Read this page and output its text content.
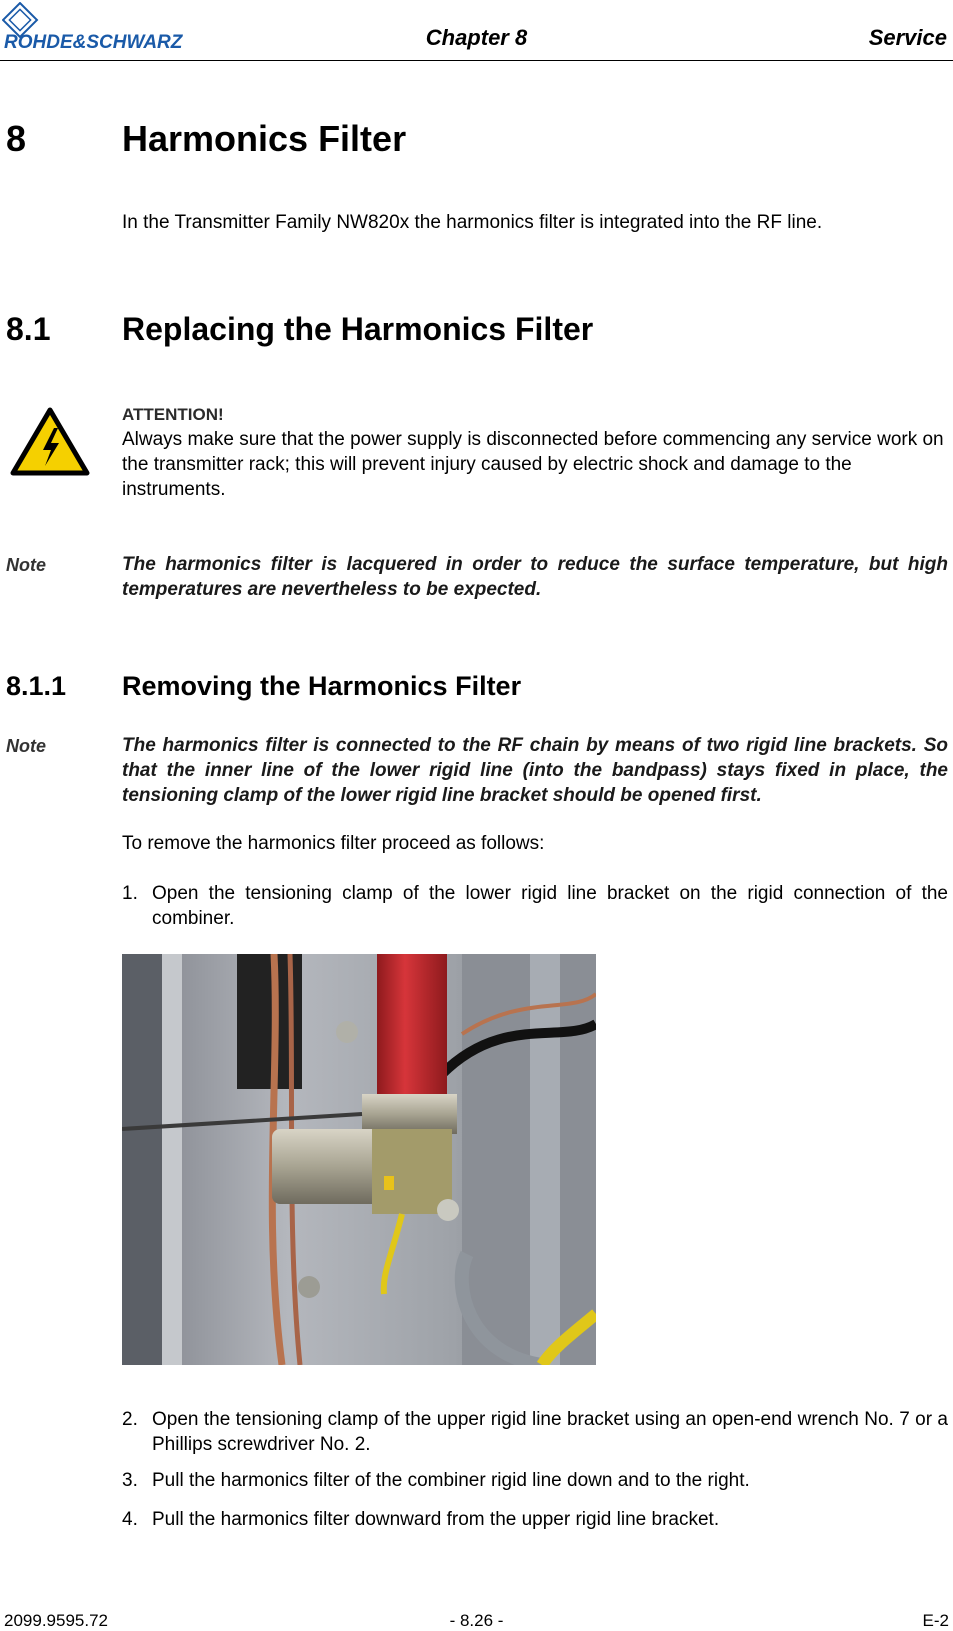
ROHDE&SCHWARZ	Chapter 8	Service
8	Harmonics Filter
In the Transmitter Family NW820x the harmonics filter is integrated into the RF line.
8.1 Replacing the Harmonics Filter
ATTENTION!
Always make sure that the power supply is disconnected before commencing any service work on the transmitter rack; this will prevent injury caused by electric shock and damage to the instruments.
Note	The harmonics filter is lacquered in order to reduce the surface temperature, but high temperatures are nevertheless to be expected.
8.1.1 Removing the Harmonics Filter
Note	The harmonics filter is connected to the RF chain by means of two rigid line brackets. So that the inner line of the lower rigid line (into the bandpass) stays fixed in place, the tensioning clamp of the lower rigid line bracket should be opened first.
To remove the harmonics filter proceed as follows:
1. Open the tensioning clamp of the lower rigid line bracket on the rigid connection of the combiner.
2. Open the tensioning clamp of the upper rigid line bracket using an open-end wrench No. 7 or a Phillips screwdriver No. 2.
3. Pull the harmonics filter of the combiner rigid line down and to the right.
4. Pull the harmonics filter downward from the upper rigid line bracket.
2099.9595.72	- 8.26 -	E-2
